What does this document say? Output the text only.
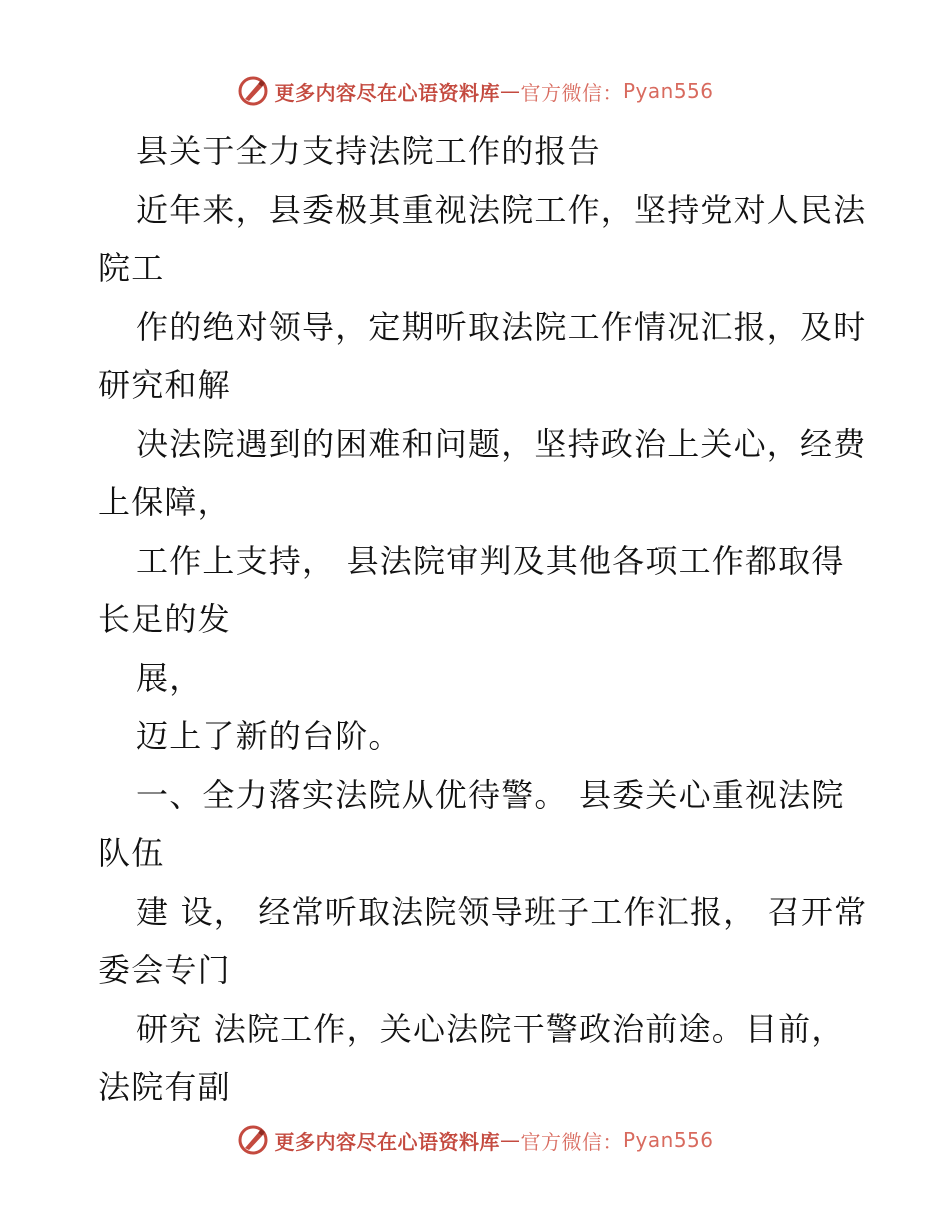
更多内容尽在心语资料库 — 官方微信： Pyan556

县关于全力支持法院工作的报告

近年来，县委极其重视法院工作，坚持党对人民法院工

作的绝对领导，定期听取法院工作情况汇报，及时研究和解

决法院遇到的困难和问题，坚持政治上关心，经费上保障，

工作上支持， 县法院审判及其他各项工作都取得长足的发

展，

迈上了新的台阶。

一、全力落实法院从优待警。 县委关心重视法院队伍

建 设， 经常听取法院领导班子工作汇报， 召开常委会专门

研究 法院工作，关心法院干警政治前途。目前，  法院有副

更多内容尽在心语资料库 — 官方微信： Pyan556
